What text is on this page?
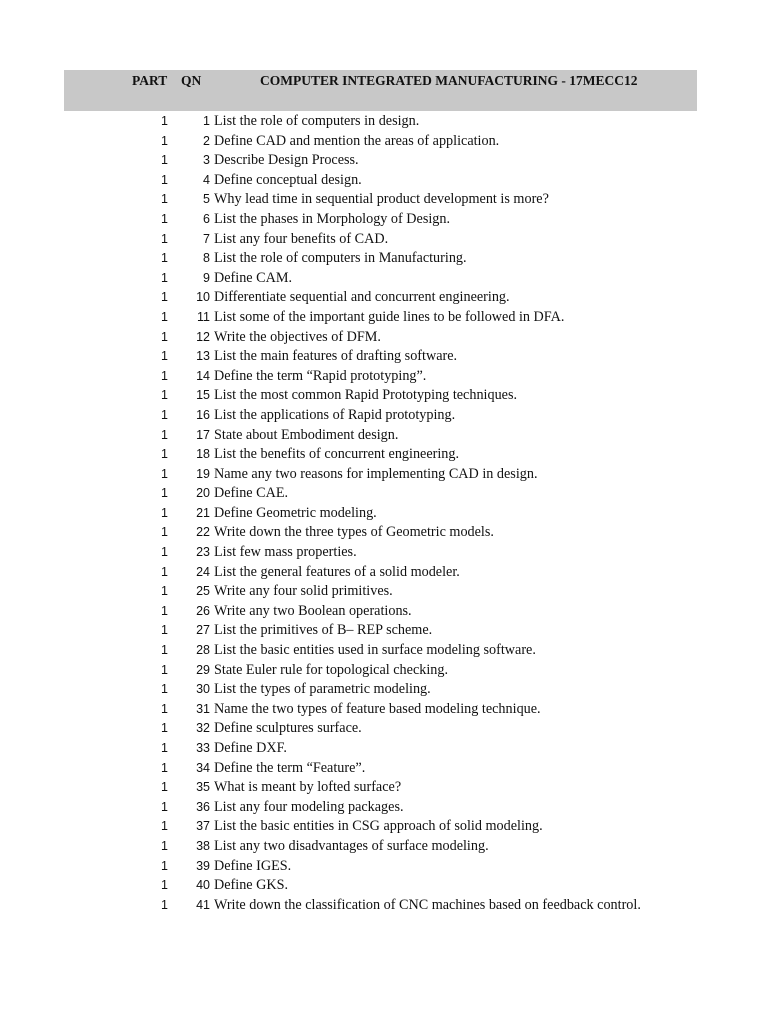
PART QN	COMPUTER INTEGRATED MANUFACTURING - 17MECC12
1	1 List the role of computers in design.
1	2 Define CAD and mention the areas of application.
1	3 Describe Design Process.
1	4 Define conceptual design.
1	5 Why lead time in sequential product development is more?
1	6 List the phases in Morphology of Design.
1	7 List any four benefits of CAD.
1	8 List the role of computers in Manufacturing.
1	9 Define CAM.
1 10 Differentiate sequential and concurrent engineering.
1 11 List some of the important guide lines to be followed in DFA.
1 12 Write the objectives of DFM.
1 13 List the main features of drafting software.
1 14 Define the term “Rapid prototyping”.
1 15 List the most common Rapid Prototyping techniques.
1 16 List the applications of Rapid prototyping.
1 17 State about Embodiment design.
1 18 List the benefits of concurrent engineering.
1 19 Name any two reasons for implementing CAD in design.
1 20 Define CAE.
1 21 Define Geometric modeling.
1 22 Write down the three types of Geometric models.
1 23 List few mass properties.
1 24 List the general features of a solid modeler.
1 25 Write any four solid primitives.
1 26 Write any two Boolean operations.
1 27 List the primitives of B– REP scheme.
1 28 List the basic entities used in surface modeling software.
1 29 State Euler rule for topological checking.
1 30 List the types of parametric modeling.
1 31 Name the two types of feature based modeling technique.
1 32 Define sculptures surface.
1 33 Define DXF.
1 34 Define the term “Feature”.
1 35 What is meant by lofted surface?
1 36 List any four modeling packages.
1 37 List the basic entities in CSG approach of solid modeling.
1 38 List any two disadvantages of surface modeling.
1 39 Define IGES.
1 40 Define GKS.
1 41 Write down the classification of CNC machines based on feedback control.
